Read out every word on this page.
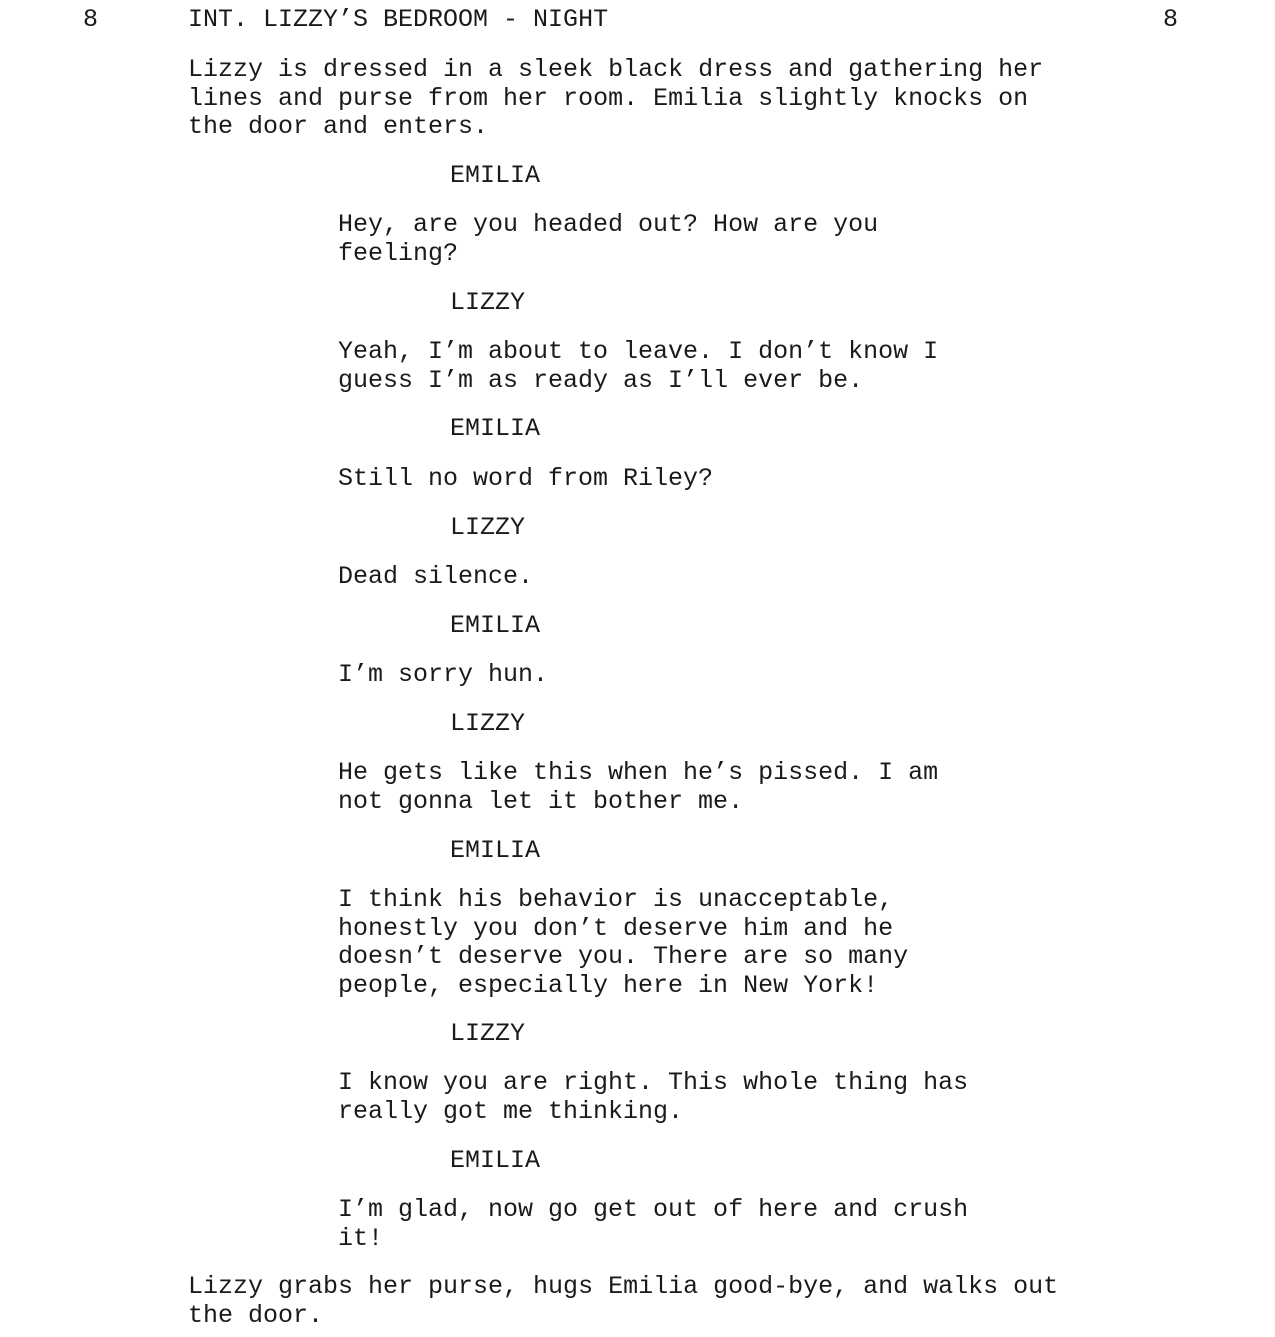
8	INT. LIZZY’S BEDROOM - NIGHT	8

Lizzy is dressed in a sleek black dress and gathering her
lines and purse from her room. Emilia slightly knocks on
the door and enters.

EMILIA

Hey, are you headed out? How are you
feeling?

LIZZY

Yeah, I’m about to leave. I don’t know I
guess I’m as ready as I’ll ever be.

EMILIA

Still no word from Riley?

LIZZY

Dead silence.

EMILIA

I’m sorry hun.

LIZZY

He gets like this when he’s pissed. I am
not gonna let it bother me.

EMILIA

I think his behavior is unacceptable,
honestly you don’t deserve him and he
doesn’t deserve you. There are so many
people, especially here in New York!

LIZZY

I know you are right. This whole thing has
really got me thinking.

EMILIA

I’m glad, now go get out of here and crush
it!

Lizzy grabs her purse, hugs Emilia good-bye, and walks out
the door.
